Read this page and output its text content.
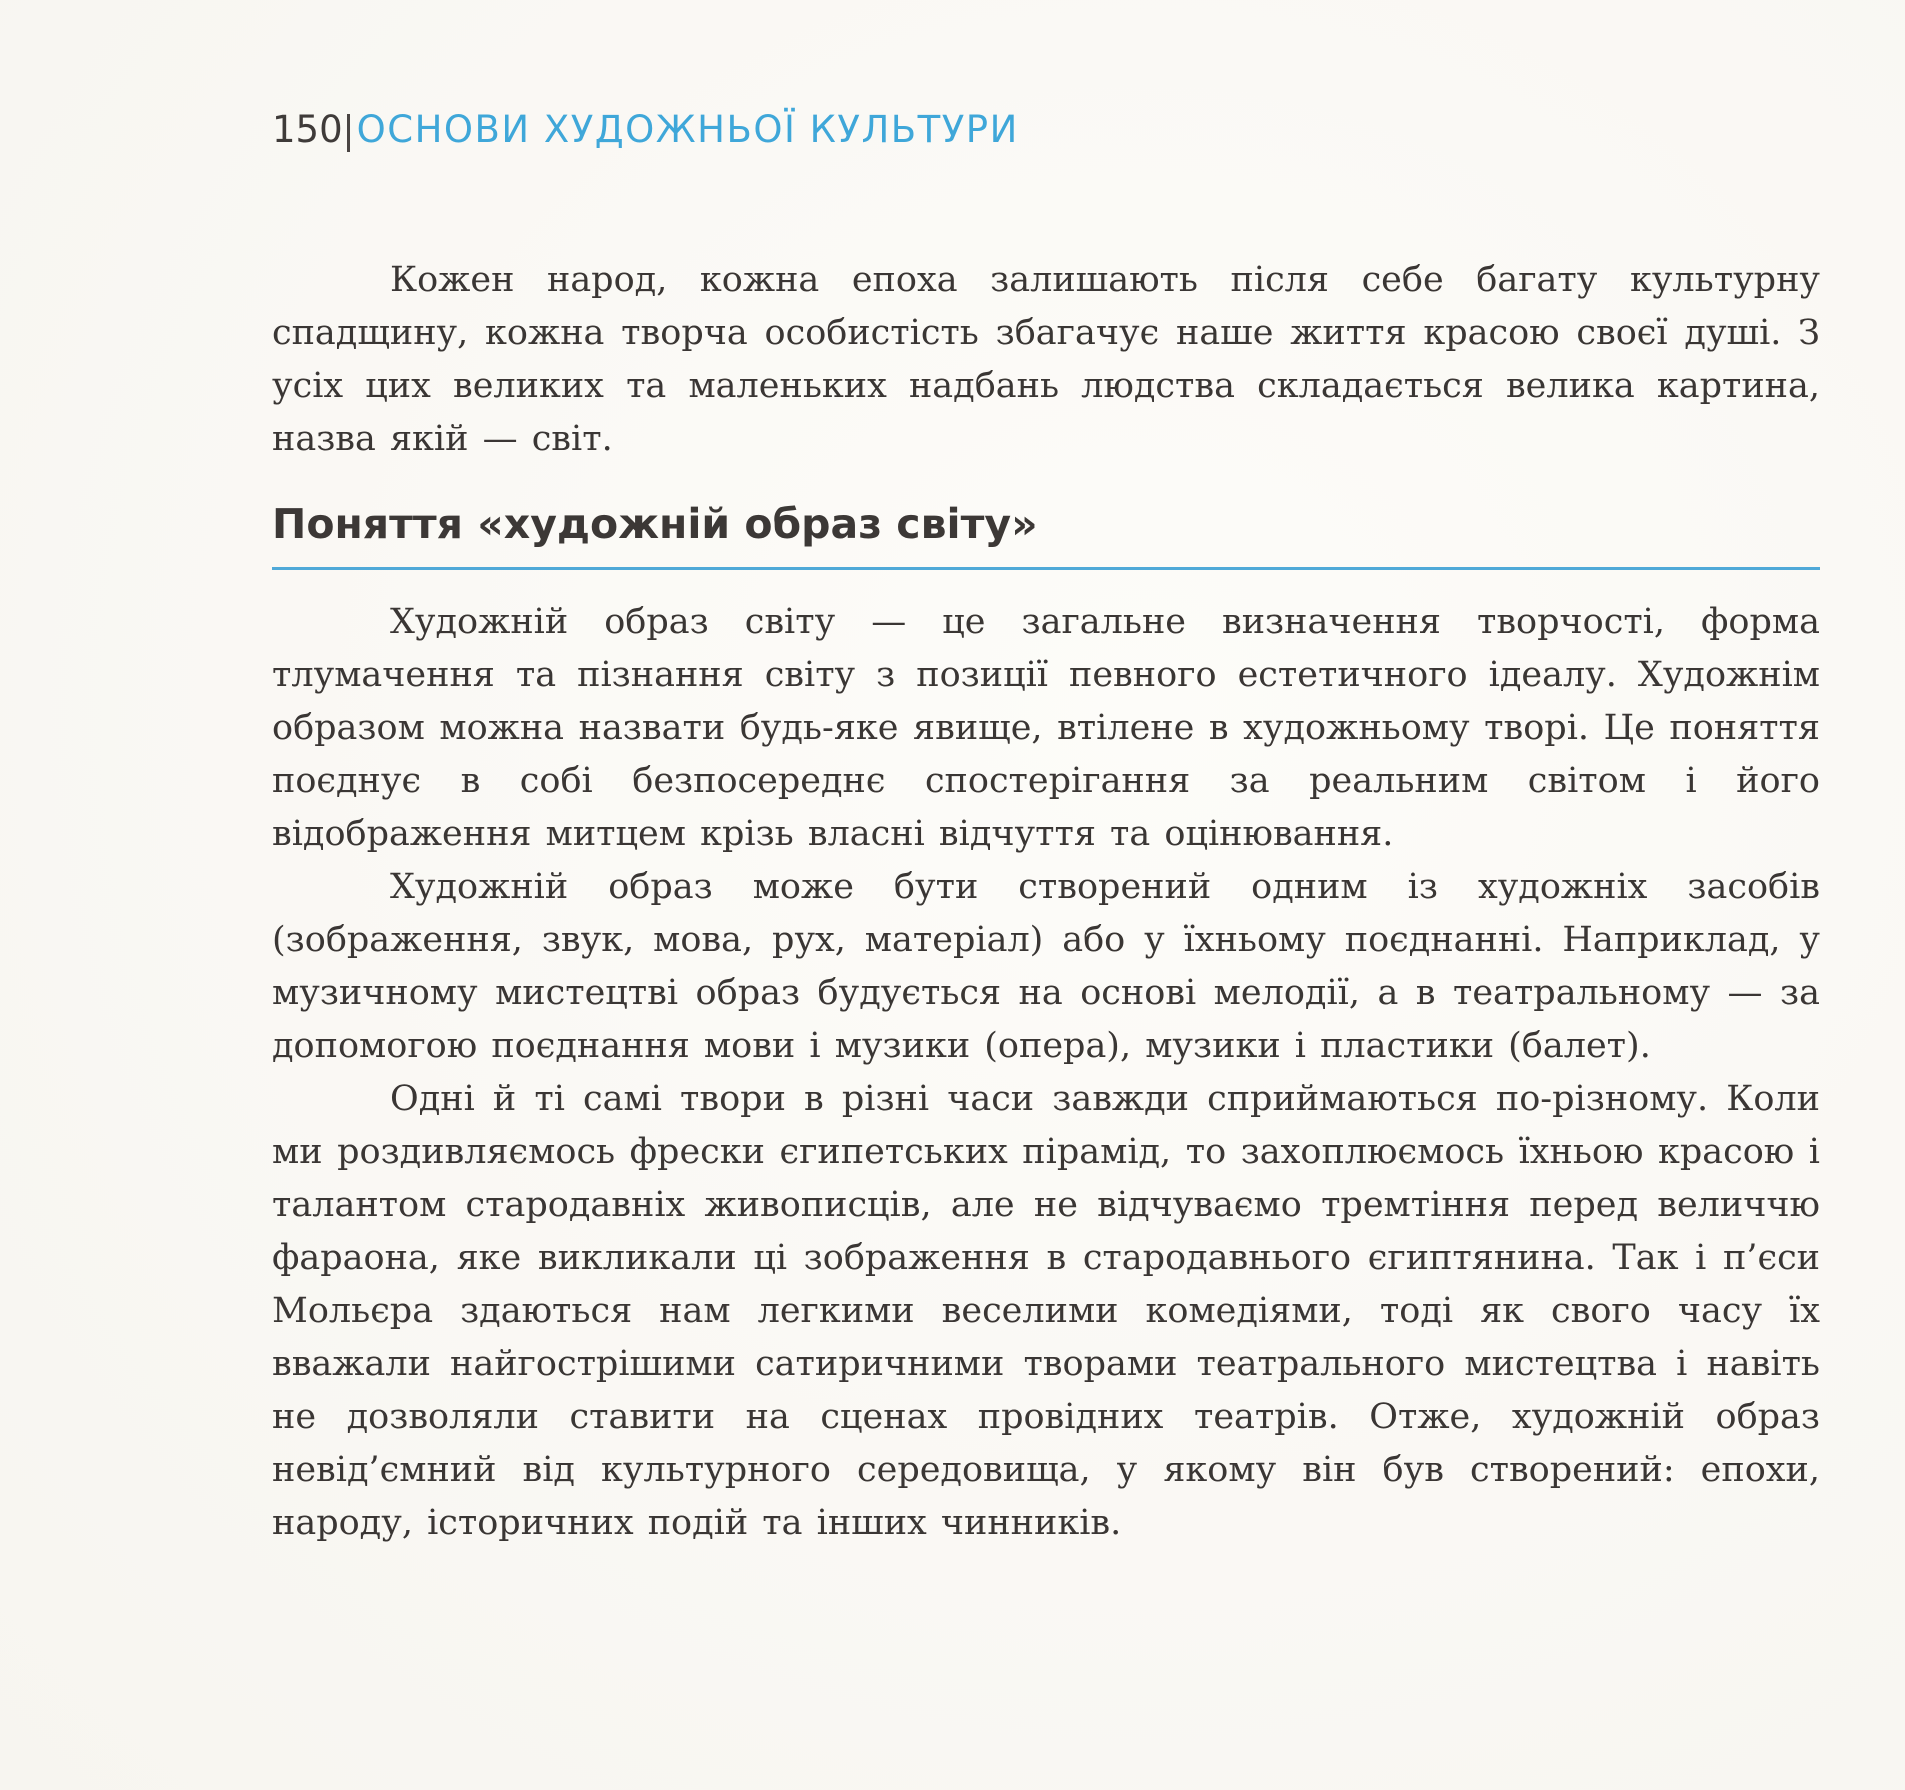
150 ОСНОВИ ХУДОЖНЬОЇ КУЛЬТУРИ

Кожен народ, кожна епоха залишають після себе багату культурну спадщину, кожна творча особистість збагачує наше життя красою своєї душі. З усіх цих великих та маленьких надбань людства складається велика картина, назва якій — світ.

Поняття «художній образ світу»

Художній образ світу — це загальне визначення творчості, форма тлумачення та пізнання світу з позиції певного естетичного ідеалу. Художнім образом можна назвати будь-яке явище, втілене в художньому творі. Це поняття поєднує в собі безпосереднє спостерігання за реальним світом і його відображення митцем крізь власні відчуття та оцінювання.

Художній образ може бути створений одним із художніх засобів (зображення, звук, мова, рух, матеріал) або у їхньому поєднанні. Наприклад, у музичному мистецтві образ будується на основі мелодії, а в театральному — за допомогою поєднання мови і музики (опера), музики і пластики (балет).

Одні й ті самі твори в різні часи завжди сприймаються по-різному. Коли ми роздивляємось фрески єгипетських пірамід, то захоплюємось їхньою красою і талантом стародавніх живописців, але не відчуваємо тремтіння перед величчю фараона, яке викликали ці зображення в стародавнього єгиптянина. Так і п’єси Мольєра здаються нам легкими веселими комедіями, тоді як свого часу їх вважали найгострішими сатиричними творами театрального мистецтва і навіть не дозволяли ставити на сценах провідних театрів. Отже, художній образ невід’ємний від культурного середовища, у якому він був створений: епохи, народу, історичних подій та інших чинників.
